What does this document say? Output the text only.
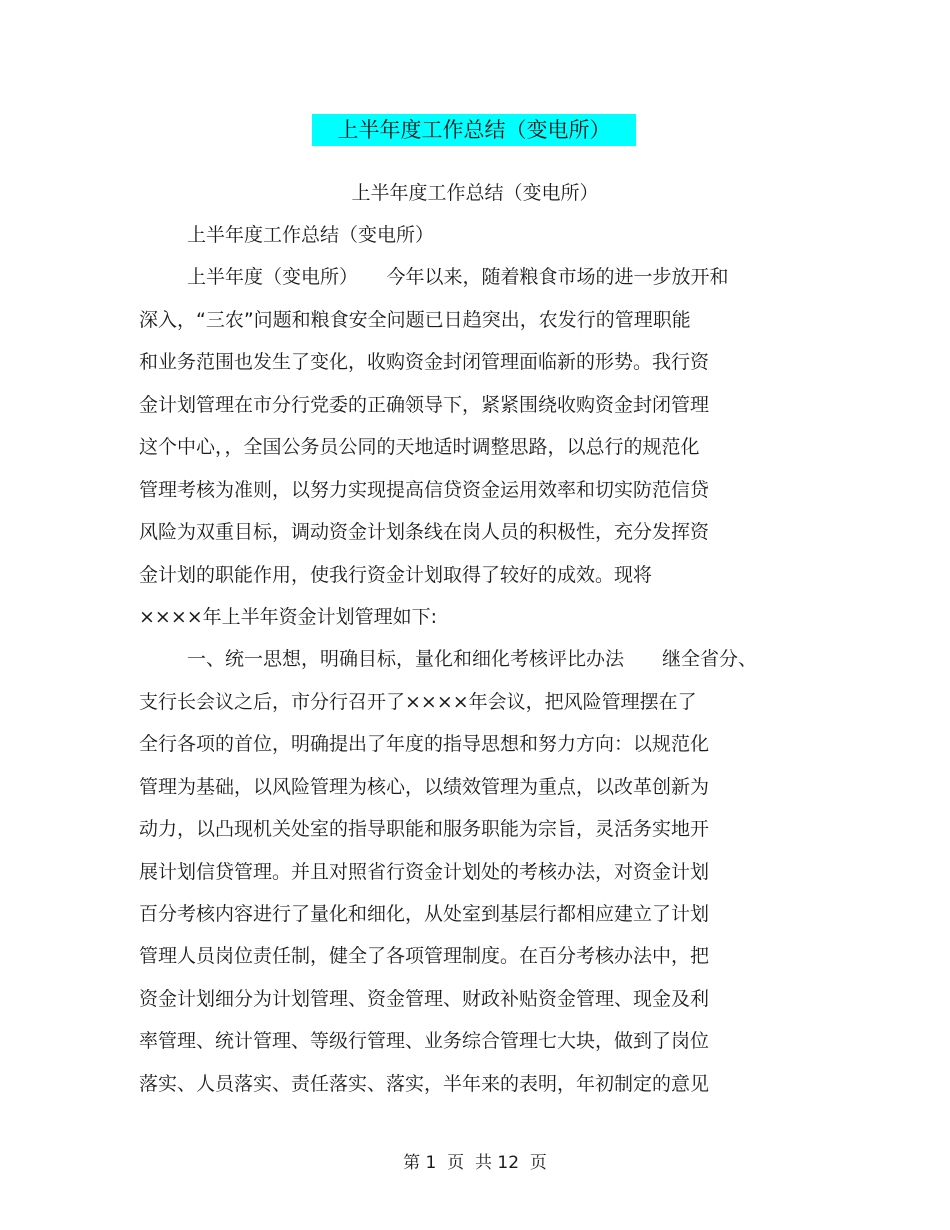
上半年度工作总结（变电所）
上半年度工作总结（变电所）
上半年度工作总结（变电所）
上半年度（变电所）　　今年以来，随着粮食市场的进一步放开和
深入，“三农”问题和粮食安全问题已日趋突出，农发行的管理职能
和业务范围也发生了变化，收购资金封闭管理面临新的形势。我行资
金计划管理在市分行党委的正确领导下，紧紧围绕收购资金封闭管理
这个中心，，全国公务员公同的天地适时调整思路，以总行的规范化
管理考核为准则，以努力实现提高信贷资金运用效率和切实防范信贷
风险为双重目标，调动资金计划条线在岗人员的积极性，充分发挥资
金计划的职能作用，使我行资金计划取得了较好的成效。现将
××××年上半年资金计划管理如下:
一、统一思想，明确目标，量化和细化考核评比办法　　继全省分、
支行长会议之后，市分行召开了××××年会议，把风险管理摆在了
全行各项的首位，明确提出了年度的指导思想和努力方向：以规范化
管理为基础，以风险管理为核心，以绩效管理为重点，以改革创新为
动力，以凸现机关处室的指导职能和服务职能为宗旨，灵活务实地开
展计划信贷管理。并且对照省行资金计划处的考核办法，对资金计划
百分考核内容进行了量化和细化，从处室到基层行都相应建立了计划
管理人员岗位责任制，健全了各项管理制度。在百分考核办法中，把
资金计划细分为计划管理、资金管理、财政补贴资金管理、现金及利
率管理、统计管理、等级行管理、业务综合管理七大块，做到了岗位
落实、人员落实、责任落实、落实，半年来的表明，年初制定的意见
第 1  页  共 12  页
